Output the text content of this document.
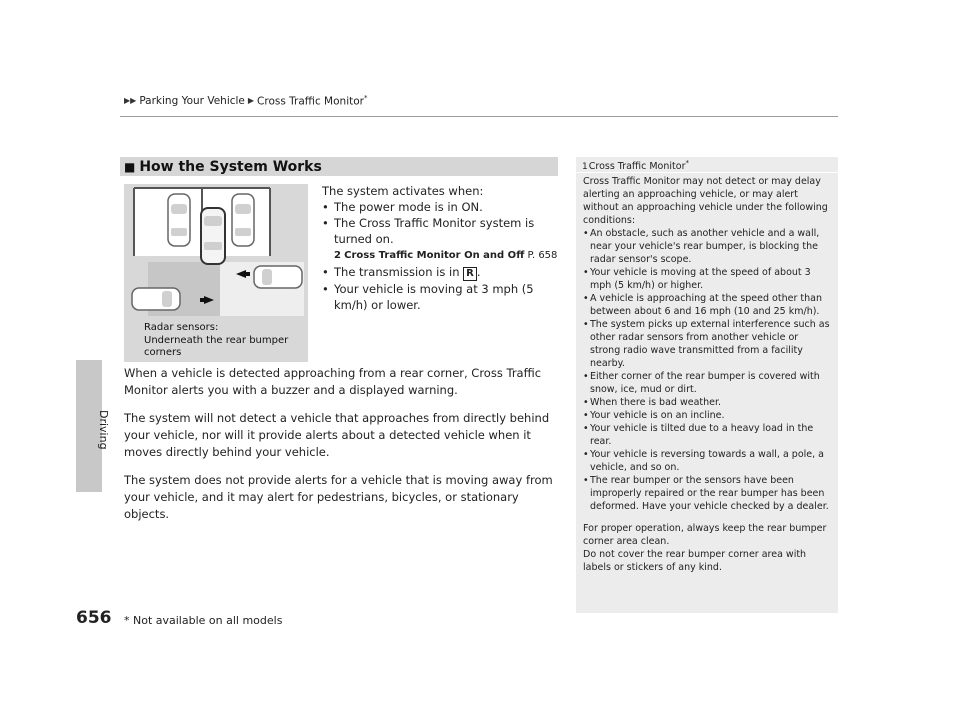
▶▶ Parking Your Vehicle ▶ Cross Traffic Monitor*
Driving
■ How the System Works
Radar sensors:
Underneath the rear bumper
corners
The system activates when:
• The power mode is in ON.
• The Cross Traffic Monitor system is turned on.
2 Cross Traffic Monitor On and Off P. 658
• The transmission is in R .
• Your vehicle is moving at 3 mph (5 km/h) or lower.

When a vehicle is detected approaching from a rear corner, Cross Traffic Monitor alerts you with a buzzer and a displayed warning.

The system will not detect a vehicle that approaches from directly behind your vehicle, nor will it provide alerts about a detected vehicle when it moves directly behind your vehicle.

The system does not provide alerts for a vehicle that is moving away from your vehicle, and it may alert for pedestrians, bicycles, or stationary objects.

1Cross Traffic Monitor*

Cross Traffic Monitor may not detect or may delay alerting an approaching vehicle, or may alert without an approaching vehicle under the following conditions:

• An obstacle, such as another vehicle and a wall, near your vehicle's rear bumper, is blocking the radar sensor's scope.
• Your vehicle is moving at the speed of about 3 mph (5 km/h) or higher.
• A vehicle is approaching at the speed other than between about 6 and 16 mph (10 and 25 km/h).
• The system picks up external interference such as other radar sensors from another vehicle or strong radio wave transmitted from a facility nearby.
• Either corner of the rear bumper is covered with snow, ice, mud or dirt.
• When there is bad weather.
• Your vehicle is on an incline.
• Your vehicle is tilted due to a heavy load in the rear.
• Your vehicle is reversing towards a wall, a pole, a vehicle, and so on.
• The rear bumper or the sensors have been improperly repaired or the rear bumper has been deformed. Have your vehicle checked by a dealer.

For proper operation, always keep the rear bumper corner area clean.

Do not cover the rear bumper corner area with labels or stickers of any kind.

656 * Not available on all models
